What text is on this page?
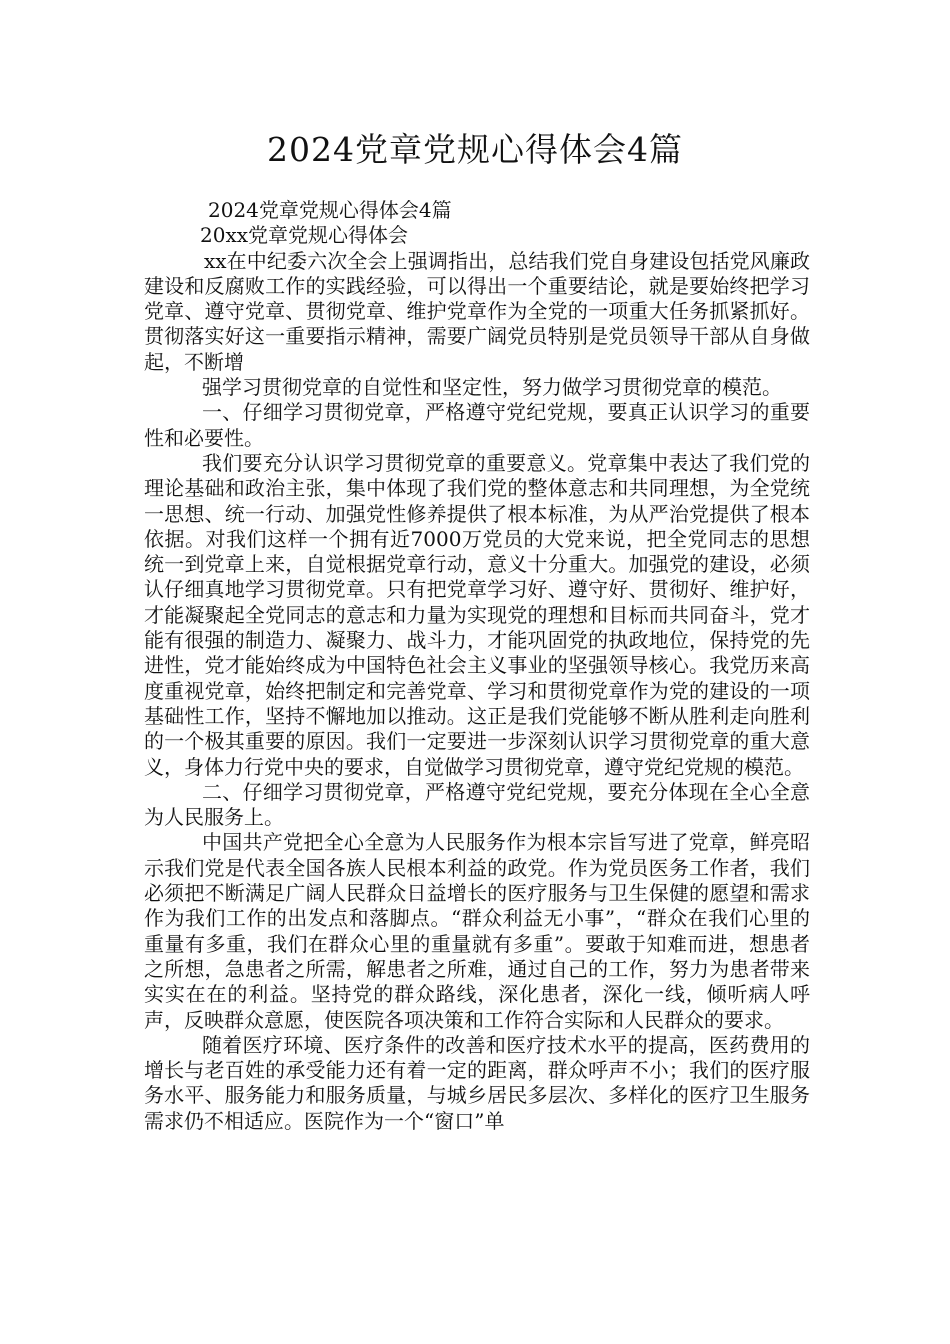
2024党章党规心得体会4篇

2024党章党规心得体会4篇

20xx党章党规心得体会

xx在中纪委六次全会上强调指出，总结我们党自身建设包括党风廉政建设和反腐败工作的实践经验，可以得出一个重要结论，就是要始终把学习党章、遵守党章、贯彻党章、维护党章作为全党的一项重大任务抓紧抓好。贯彻落实好这一重要指示精神，需要广阔党员特别是党员领导干部从自身做起，不断增

强学习贯彻党章的自觉性和坚定性，努力做学习贯彻党章的模范。

一、仔细学习贯彻党章，严格遵守党纪党规，要真正认识学习的重要性和必要性。

我们要充分认识学习贯彻党章的重要意义。党章集中表达了我们党的理论基础和政治主张，集中体现了我们党的整体意志和共同理想，为全党统一思想、统一行动、加强党性修养提供了根本标准，为从严治党提供了根本依据。对我们这样一个拥有近7000万党员的大党来说，把全党同志的思想统一到党章上来，自觉根据党章行动，意义十分重大。加强党的建设，必须认仔细真地学习贯彻党章。只有把党章学习好、遵守好、贯彻好、维护好，才能凝聚起全党同志的意志和力量为实现党的理想和目标而共同奋斗，党才能有很强的制造力、凝聚力、战斗力，才能巩固党的执政地位，保持党的先进性，党才能始终成为中国特色社会主义事业的坚强领导核心。我党历来高度重视党章，始终把制定和完善党章、学习和贯彻党章作为党的建设的一项基础性工作，坚持不懈地加以推动。这正是我们党能够不断从胜利走向胜利的一个极其重要的原因。我们一定要进一步深刻认识学习贯彻党章的重大意义，身体力行党中央的要求，自觉做学习贯彻党章，遵守党纪党规的模范。

二、仔细学习贯彻党章，严格遵守党纪党规，要充分体现在全心全意为人民服务上。

中国共产党把全心全意为人民服务作为根本宗旨写进了党章，鲜亮昭示我们党是代表全国各族人民根本利益的政党。作为党员医务工作者，我们必须把不断满足广阔人民群众日益增长的医疗服务与卫生保健的愿望和需求作为我们工作的出发点和落脚点。“群众利益无小事”，“群众在我们心里的重量有多重，我们在群众心里的重量就有多重”。要敢于知难而进，想患者之所想，急患者之所需，解患者之所难，通过自己的工作，努力为患者带来实实在在的利益。坚持党的群众路线，深化患者，深化一线，倾听病人呼声，反映群众意愿，使医院各项决策和工作符合实际和人民群众的要求。

随着医疗环境、医疗条件的改善和医疗技术水平的提高，医药费用的增长与老百姓的承受能力还有着一定的距离，群众呼声不小；我们的医疗服务水平、服务能力和服务质量，与城乡居民多层次、多样化的医疗卫生服务需求仍不相适应。医院作为一个“窗口”单
